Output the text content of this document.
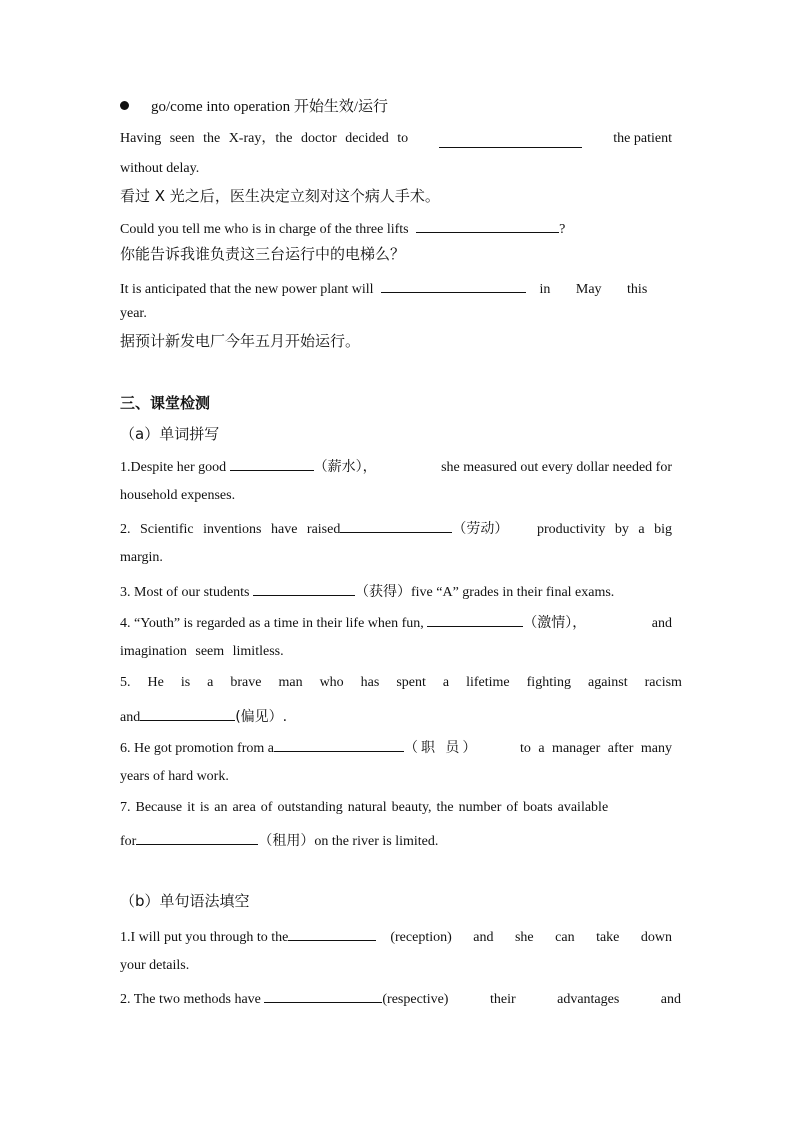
go/come into operation 开始生效/运行
Having seen the X-ray，the doctor decided to	the patient
without delay.
看过 X 光之后，医生决定立刻对这个病人手术。
Could you tell me who is in charge of the three lifts	?
你能告诉我谁负责这三台运行中的电梯么？
It is anticipated that the new power plant will	in May this
year.
据预计新发电厂今年五月开始运行。
三、课堂检测
（a）单词拼写
1.Despite her good	（薪水），	she measured out every dollar needed for
household expenses.
2. Scientific inventions have raised	（劳动） productivity by a big
margin.
3. Most of our students	（获得）five “A” grades in their final exams.
4. “Youth” is regarded as a time in their life when fun,	（激情），	and
imagination seem limitless.
5. He is a brave man who has spent a lifetime fighting against racism
and	(偏见）.
6. He got promotion from a	（职 员）	to a manager after many
years of hard work.
7. Because it is an area of outstanding natural beauty, the number of boats available
for	（租用）on the river is limited.
（b）单句语法填空
1.I will put you through to the	(reception) and she can take down
your details.
2. The two methods have	(respective) their advantages and
